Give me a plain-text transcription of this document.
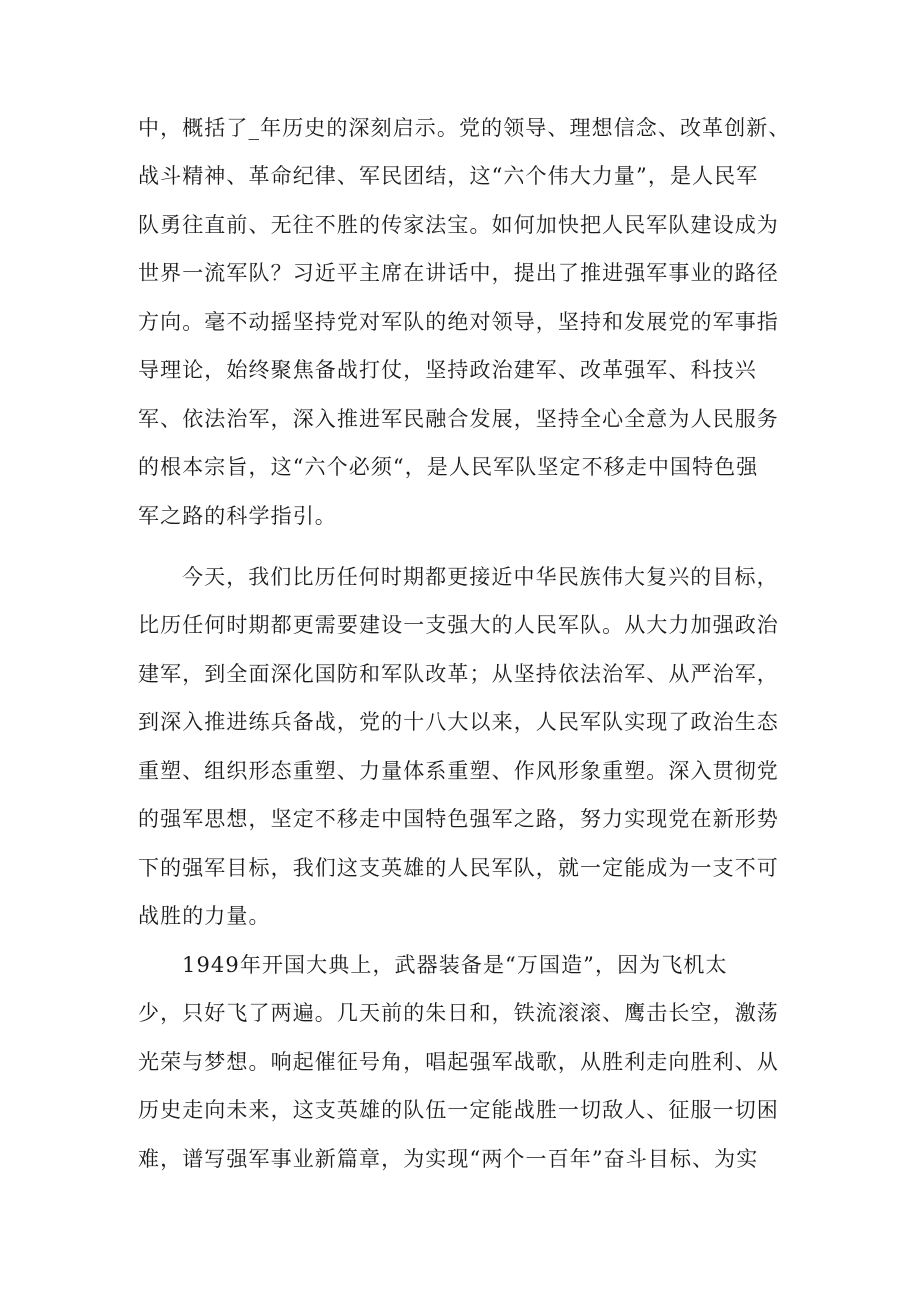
中，概括了_年历史的深刻启示。党的领导、理想信念、改革创新、
战斗精神、革命纪律、军民团结，这“六个伟大力量”，是人民军
队勇往直前、无往不胜的传家法宝。如何加快把人民军队建设成为
世界一流军队？习近平主席在讲话中，提出了推进强军事业的路径
方向。毫不动摇坚持党对军队的绝对领导，坚持和发展党的军事指
导理论，始终聚焦备战打仗，坚持政治建军、改革强军、科技兴
军、依法治军，深入推进军民融合发展，坚持全心全意为人民服务
的根本宗旨，这“六个必须“，是人民军队坚定不移走中国特色强
军之路的科学指引。
今天，我们比历任何时期都更接近中华民族伟大复兴的目标，
比历任何时期都更需要建设一支强大的人民军队。从大力加强政治
建军，到全面深化国防和军队改革；从坚持依法治军、从严治军，
到深入推进练兵备战，党的十八大以来，人民军队实现了政治生态
重塑、组织形态重塑、力量体系重塑、作风形象重塑。深入贯彻党
的强军思想，坚定不移走中国特色强军之路，努力实现党在新形势
下的强军目标，我们这支英雄的人民军队，就一定能成为一支不可
战胜的力量。
1949年开国大典上，武器装备是“万国造”，因为飞机太
少，只好飞了两遍。几天前的朱日和，铁流滚滚、鹰击长空，激荡
光荣与梦想。响起催征号角，唱起强军战歌，从胜利走向胜利、从
历史走向未来，这支英雄的队伍一定能战胜一切敌人、征服一切困
难，谱写强军事业新篇章，为实现“两个一百年”奋斗目标、为实
